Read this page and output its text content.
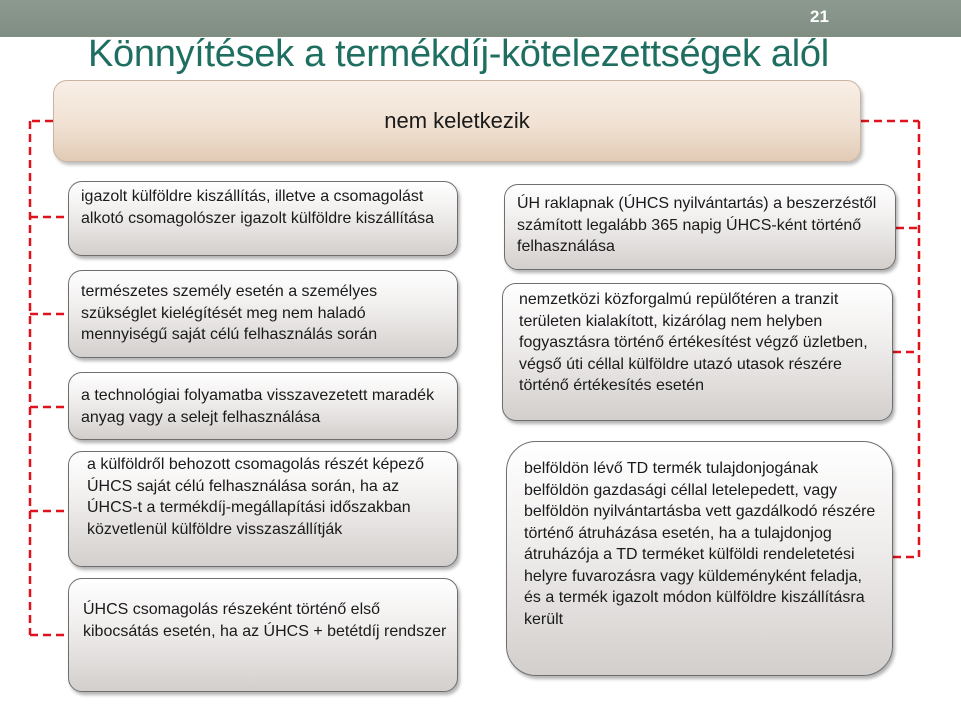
21
Könnyítések a termékdíj-kötelezettségek alól
nem keletkezik
igazolt külföldre kiszállítás, illetve a csomagolást alkotó csomagolószer igazolt külföldre kiszállítása
természetes személy esetén a személyes szükséglet kielégítését meg nem haladó mennyiségű saját célú felhasználás során
a technológiai folyamatba visszavezetett maradék anyag vagy a selejt felhasználása
a külföldről behozott csomagolás részét képező ÚHCS saját célú felhasználása során, ha az ÚHCS-t a termékdíj-megállapítási időszakban közvetlenül külföldre visszaszállítják
ÚHCS csomagolás részeként történő első kibocsátás esetén, ha az ÚHCS + betétdíj rendszer
ÚH raklapnak (ÚHCS nyilvántartás) a beszerzéstől számított legalább 365 napig ÚHCS-ként történő felhasználása
nemzetközi közforgalmú repülőtéren a tranzit területen kialakított, kizárólag nem helyben fogyasztásra történő értékesítést végző üzletben, végső úti céllal külföldre utazó utasok részére történő értékesítés esetén
belföldön lévő TD termék tulajdonjogának belföldön gazdasági céllal letelepedett, vagy belföldön nyilvántartásba vett gazdálkodó részére történő átruházása esetén, ha a tulajdonjog átruházója a TD terméket külföldi rendeletetési helyre fuvarozásra vagy küldeményként feladja, és a termék igazolt módon külföldre kiszállításra került
